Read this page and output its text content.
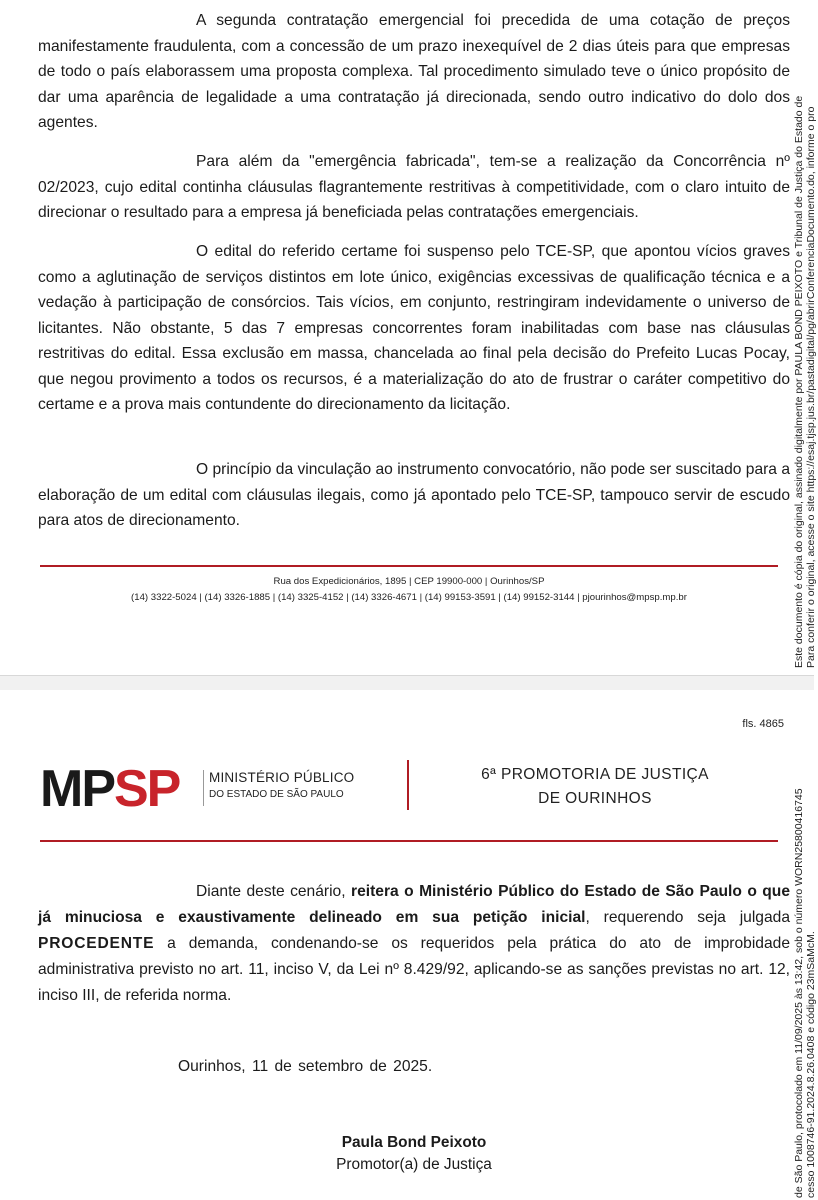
A segunda contratação emergencial foi precedida de uma cotação de preços manifestamente fraudulenta, com a concessão de um prazo inexequível de 2 dias úteis para que empresas de todo o país elaborassem uma proposta complexa. Tal procedimento simulado teve o único propósito de dar uma aparência de legalidade a uma contratação já direcionada, sendo outro indicativo do dolo dos agentes.

Para além da "emergência fabricada", tem-se a realização da Concorrência nº 02/2023, cujo edital continha cláusulas flagrantemente restritivas à competitividade, com o claro intuito de direcionar o resultado para a empresa já beneficiada pelas contratações emergenciais.

O edital do referido certame foi suspenso pelo TCE-SP, que apontou vícios graves como a aglutinação de serviços distintos em lote único, exigências excessivas de qualificação técnica e a vedação à participação de consórcios. Tais vícios, em conjunto, restringiram indevidamente o universo de licitantes. Não obstante, 5 das 7 empresas concorrentes foram inabilitadas com base nas cláusulas restritivas do edital. Essa exclusão em massa, chancelada ao final pela decisão do Prefeito Lucas Pocay, que negou provimento a todos os recursos, é a materialização do ato de frustrar o caráter competitivo do certame e a prova mais contundente do direcionamento da licitação.

O princípio da vinculação ao instrumento convocatório, não pode ser suscitado para a elaboração de um edital com cláusulas ilegais, como já apontado pelo TCE-SP, tampouco servir de escudo para atos de direcionamento.

Rua dos Expedicionários, 1895 | CEP 19900-000 | Ourinhos/SP
(14) 3322-5024 | (14) 3326-1885 | (14) 3325-4152 | (14) 3326-4671 | (14) 99153-3591 | (14) 99152-3144 | pjourinhos@mpsp.mp.br	Este documento é cópia do original, assinado digitalmente por PAULA BOND PEIXOTO e Tribunal de Justiça do Estado de Para conferir o original, acesse o site https://esaj.tjsp.jus.br/pastadigital/pg/abrirConferenciaDocumento.do, informe o pro
fls. 4865
MPSP MINISTÉRIO PÚBLICO
DO ESTADO DE SÃO PAULO
6ª PROMOTORIA DE JUSTIÇA
DE OURINHOS

Diante deste cenário, reitera o Ministério Público do Estado de São Paulo o que já minuciosa e exaustivamente delineado em sua petição inicial, requerendo seja julgada PROCEDENTE a demanda, condenando-se os requeridos pela prática do ato de improbidade administrativa previsto no art. 11, inciso V, da Lei nº 8.429/92, aplicando-se as sanções previstas no art. 12, inciso III, de referida norma.

Ourinhos, 11 de setembro de 2025.
Paula Bond Peixoto
Promotor(a) de Justiça	de São Paulo, protocolado em 11/09/2025 às 13:42, sob o número WORN25800416745 cesso 1008746-91.2024.8.26.0408 e código 23mSaMcM.
